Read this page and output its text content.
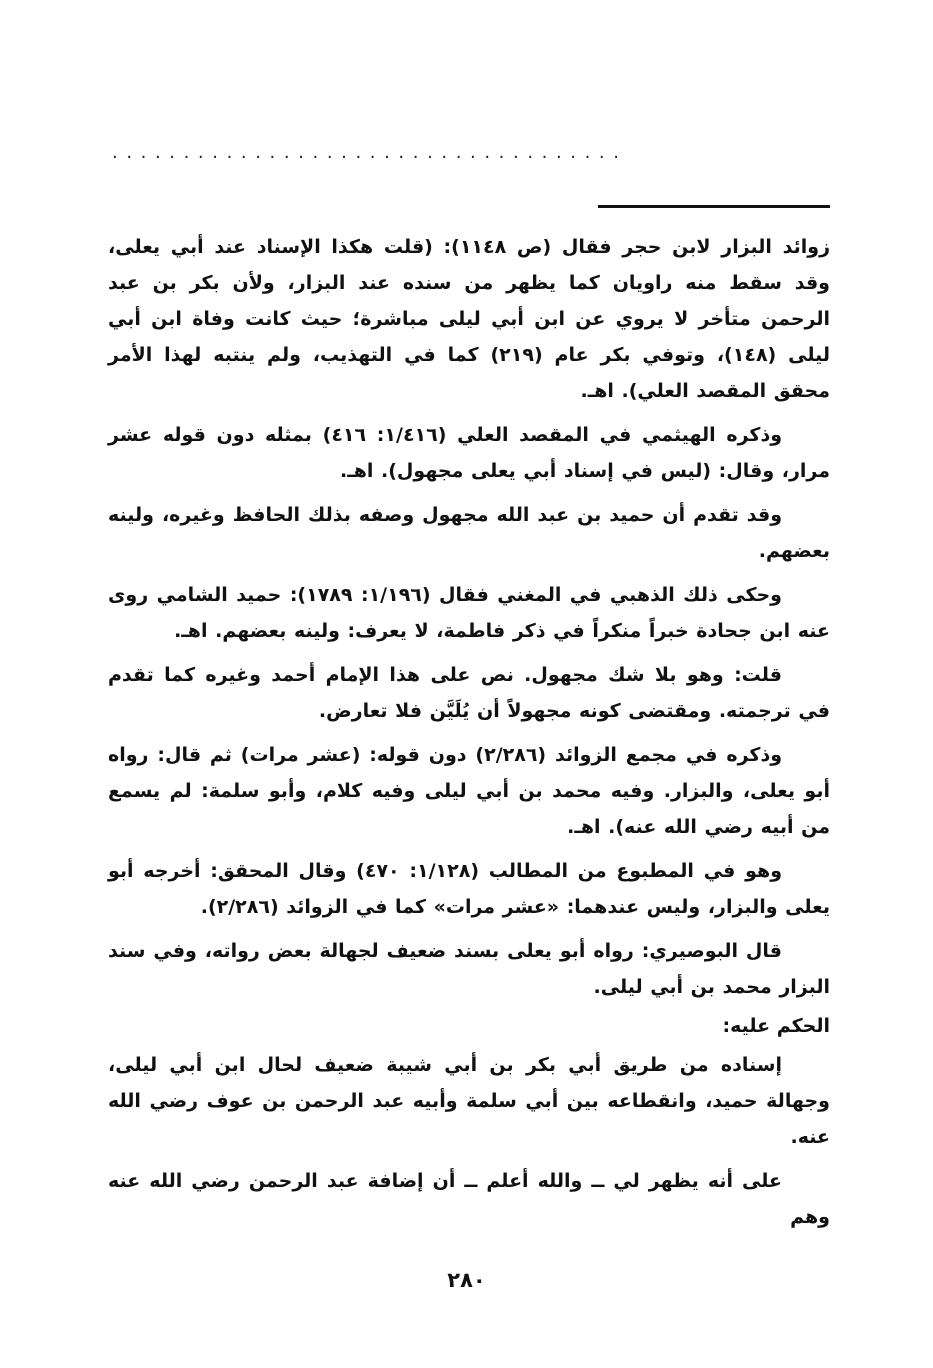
....................................

زوائد البزار لابن حجر فقال (ص ١١٤٨): (قلت هكذا الإسناد عند أبي يعلى، وقد سقط منه راويان كما يظهر من سنده عند البزار، ولأن بكر بن عبد الرحمن متأخر لا يروي عن ابن أبي ليلى مباشرة؛ حيث كانت وفاة ابن أبي ليلى (١٤٨)، وتوفي بكر عام (٢١٩) كما في التهذيب، ولم ينتبه لهذا الأمر محقق المقصد العلي). اهـ.

وذكره الهيثمي في المقصد العلي (١/٤١٦: ٤١٦) بمثله دون قوله عشر مرار، وقال: (ليس في إسناد أبي يعلى مجهول). اهـ.

وقد تقدم أن حميد بن عبد الله مجهول وصفه بذلك الحافظ وغيره، ولينه بعضهم.

وحكى ذلك الذهبي في المغني فقال (١/١٩٦: ١٧٨٩): حميد الشامي روى عنه ابن جحادة خبراً منكراً في ذكر فاطمة، لا يعرف: ولينه بعضهم. اهـ.

قلت: وهو بلا شك مجهول. نص على هذا الإمام أحمد وغيره كما تقدم في ترجمته. ومقتضى كونه مجهولاً أن يُلَيَّن فلا تعارض.

وذكره في مجمع الزوائد (٢/٢٨٦) دون قوله: (عشر مرات) ثم قال: رواه أبو يعلى، والبزار. وفيه محمد بن أبي ليلى وفيه كلام، وأبو سلمة: لم يسمع من أبيه رضي الله عنه). اهـ.

وهو في المطبوع من المطالب (١/١٢٨: ٤٧٠) وقال المحقق: أخرجه أبو يعلى والبزار، وليس عندهما: «عشر مرات» كما في الزوائد (٢/٢٨٦).

قال البوصيري: رواه أبو يعلى بسند ضعيف لجهالة بعض رواته، وفي سند البزار محمد بن أبي ليلى.

الحكم عليه:

إسناده من طريق أبي بكر بن أبي شيبة ضعيف لحال ابن أبي ليلى، وجهالة حميد، وانقطاعه بين أبي سلمة وأبيه عبد الرحمن بن عوف رضي الله عنه.

على أنه يظهر لي ــ والله أعلم ــ أن إضافة عبد الرحمن رضي الله عنه وهم

٢٨٠
